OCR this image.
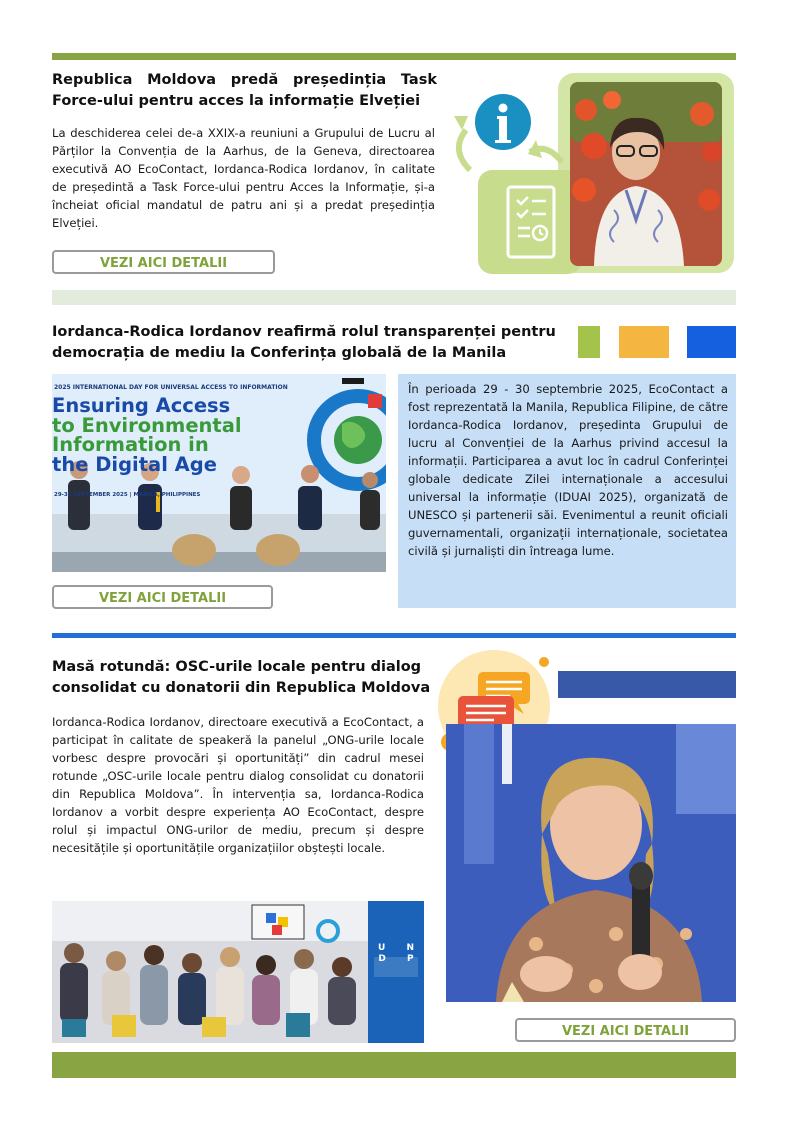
Republica Moldova predă președinția Task Force-ului pentru acces la informație Elveției

La deschiderea celei de-a XXIX-a reuniuni a Grupului de Lucru al Părților la Convenția de la Aarhus, de la Geneva, directoarea executivă AO EcoContact, Iordanca-Rodica Iordanov, în calitate de președintă a Task Force-ului pentru Acces la Informație, și-a încheiat oficial mandatul de patru ani și a predat președinția Elveției.

VEZI AICI DETALII
Iordanca-Rodica Iordanov reafirmă rolul transparenței pentru democrația de mediu la Conferința globală de la Manila
2025 INTERNATIONAL DAY FOR UNIVERSAL ACCESS TO INFORMATION
Ensuring Access
to Environmental
Information in
the Digital Age
29-30 SEPTEMBER 2025 | MANILA, PHILIPPINES
VEZI AICI DETALII

În perioada 29 - 30 septembrie 2025, EcoContact a fost reprezentată la Manila, Republica Filipine, de către Iordanca-Rodica Iordanov, președinta Grupului de lucru al Convenției de la Aarhus privind accesul la informații. Participarea a avut loc în cadrul Conferinței globale dedicate Zilei internaționale a accesului universal la informație (IDUAI 2025), organizată de UNESCO și partenerii săi. Evenimentul a reunit oficiali guvernamentali, organizații internaționale, societatea civilă și jurnaliști din întreaga lume.

Masă rotundă: OSC-urile locale pentru dialog consolidat cu donatorii din Republica Moldova

Iordanca-Rodica Iordanov, directoare executivă a EcoContact, a participat în calitate de speakeră la panelul „ONG-urile locale vorbesc despre provocări și oportunități” din cadrul mesei rotunde „OSC-urile locale pentru dialog consolidat cu donatorii din Republica Moldova”. În intervenția sa, Iordanca-Rodica Iordanov a vorbit despre experiența AO EcoContact, despre rolul și impactul ONG-urilor de mediu, precum și despre necesitățile și oportunitățile organizațiilor obștești locale.

VEZI AICI DETALII
U N D P
